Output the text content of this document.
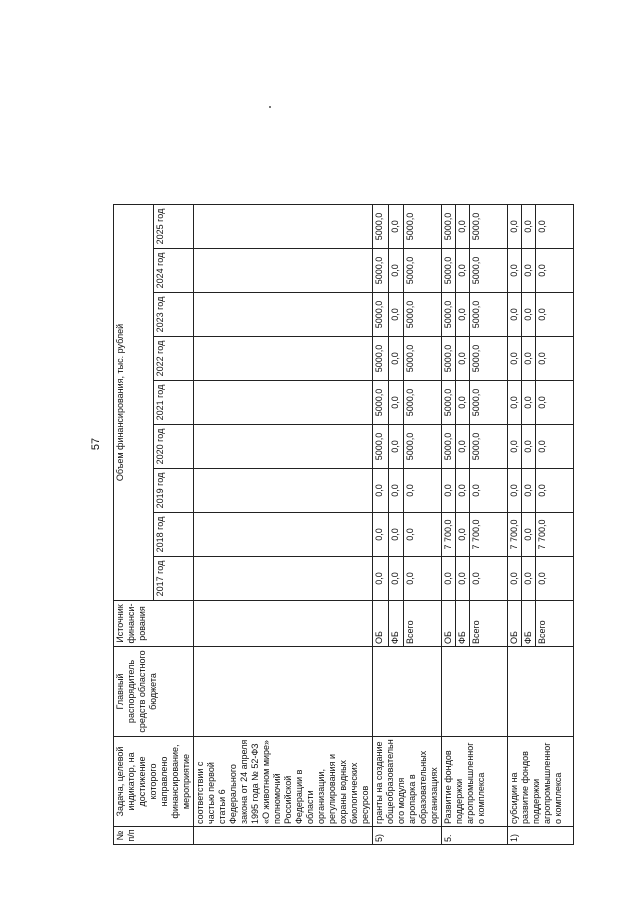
57
№ п/п	Задача, целевой индикатор, на достижение которого направлено финансирование, мероприятие	Главный распорядитель средств областного бюджета	Источник финанси-рования	Объем финансирования, тыс. рублей								
				2017 год	2018 год	2019 год	2020 год	2021 год	2022 год	2023 год	2024 год	2025 год
	соответствии с частью первой статьи 6 Федерального закона от 24 апреля 1995 года № 52-ФЗ «О животном мире» полномочий Российской Федерации в области организации, регулирования и охраны водных биологических ресурсов											
5)	гранты на создание общеобразовательн ого модуля агропарка в образовательных организациях		ОБ	0,0	0,0	0,0	5000,0	5000,0	5000,0	5000,0	5000,0	5000,0
			ФБ	0,0	0,0	0,0	0,0	0,0	0,0	0,0	0,0	0,0
			Всего	0,0	0,0	0,0	5000,0	5000,0	5000,0	5000,0	5000,0	5000,0
5.	Развитие фондов поддержки агропромышленного комплекса		ОБ	0,0	7 700,0	0,0	5000,0	5000,0	5000,0	5000,0	5000,0	5000,0
			ФБ	0,0	0,0	0,0	0,0	0,0	0,0	0,0	0,0	0,0
			Всего	0,0	7 700,0	0,0	5000,0	5000,0	5000,0	5000,0	5000,0	5000,0
1)	субсидии на развитие фондов поддержки агропромышленного комплекса		ОБ	0,0	7 700,0	0,0	0,0	0,0	0,0	0,0	0,0	0,0
			ФБ	0,0	0,0	0,0	0,0	0,0	0,0	0,0	0,0	0,0
			Всего	0,0	7 700,0	0,0	0,0	0,0	0,0	0,0	0,0	0,0
